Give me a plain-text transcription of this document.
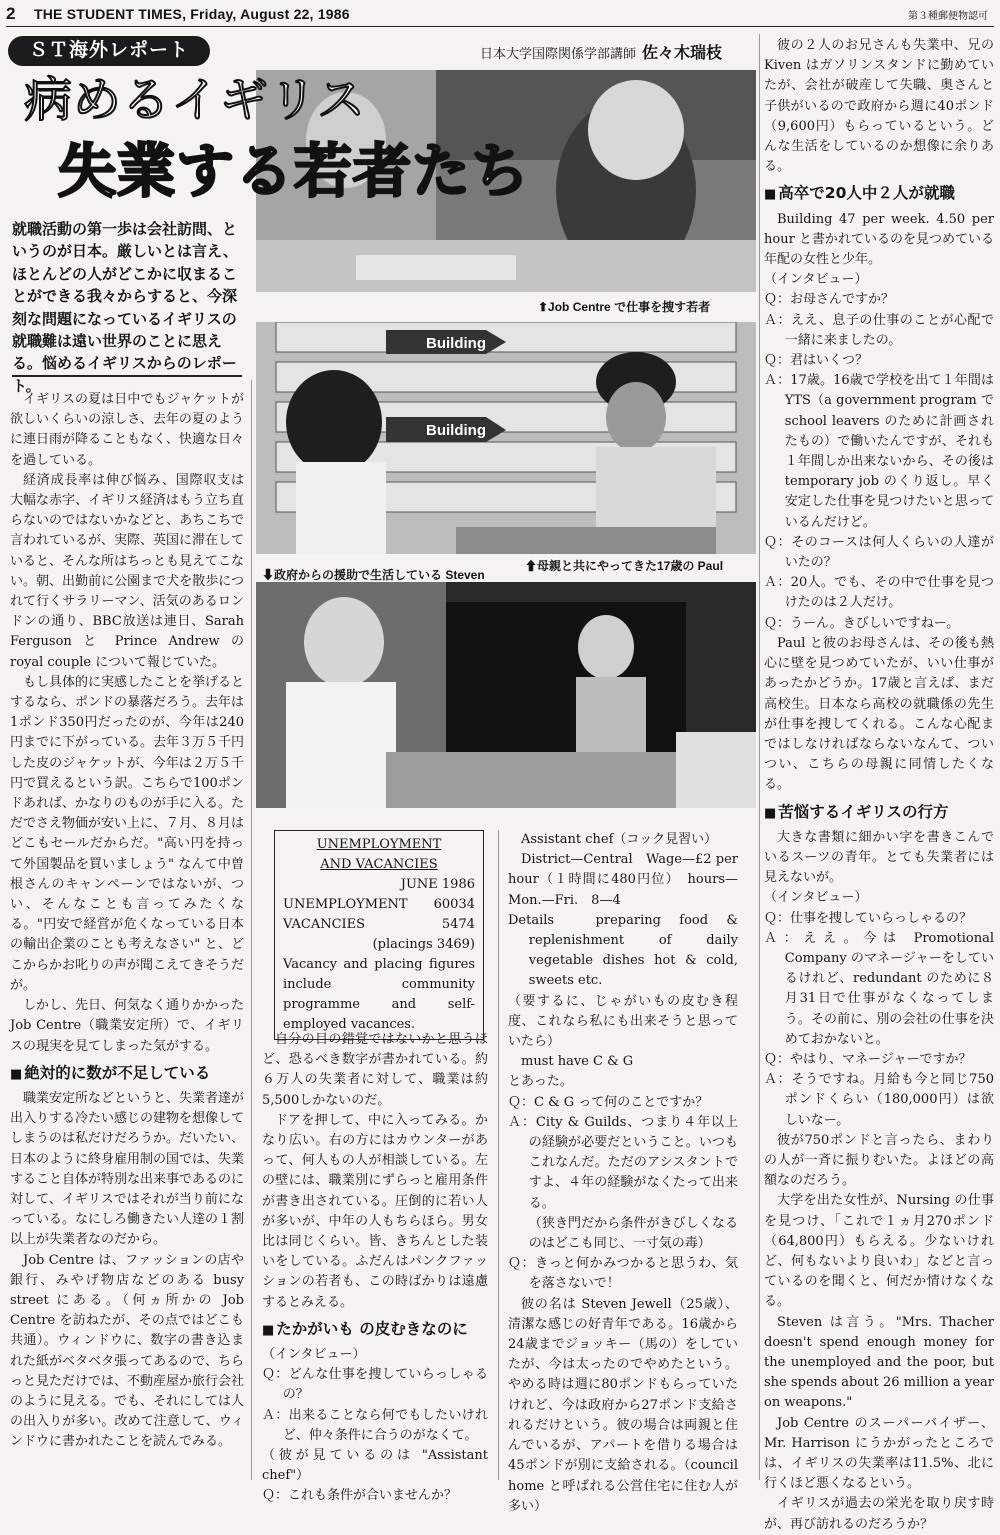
2 THE STUDENT TIMES, Friday, August 22, 1986	第３種郵便物認可
ＳＴ海外レポート	日本大学国際関係学部講師 佐々木瑞枝
病めるイギリス
失業する若者たち
就職活動の第一歩は会社訪問、というのが日本。厳しいとは言え、ほとんどの人がどこかに収まることができる我々からすると、今深刻な問題になっているイギリスの就職難は遠い世界のことに思える。悩めるイギリスからのレポート。
⬆Job Centre で仕事を捜す若者
Building
Building
⬆母親と共にやってきた17歳の Paul
⬇政府からの援助で生活している Steven

イギリスの夏は日中でもジャケットが欲しいくらいの涼しさ、去年の夏のように連日雨が降ることもなく、快適な日々を過している。

経済成長率は伸び悩み、国際収支は大幅な赤字、イギリス経済はもう立ち直らないのではないかなどと、あちこちで言われているが、実際、英国に滞在していると、そんな所はちっとも見えてこない。朝、出勤前に公園まで犬を散歩につれて行くサラリーマン、活気のあるロンドンの通り、BBC放送は連日、Sarah Ferguson と Prince Andrew の royal couple について報じていた。

もし具体的に実感したことを挙げるとするなら、ポンドの暴落だろう。去年は1ポンド350円だったのが、今年は240円までに下がっている。去年３万５千円した皮のジャケットが、今年は２万５千円で買えるという訳。こちらで100ポンドあれば、かなりのものが手に入る。ただでさえ物価が安い上に、７月、８月はどこもセールだからだ。"高い円を持って外国製品を買いましょう" なんて中曽根さんのキャンペーンではないが、つい、そんなことも言ってみたくなる。"円安で経営が危くなっている日本の輸出企業のことも考えなさい" と、どこからかお叱りの声が聞こえてきそうだが。

しかし、先日、何気なく通りかかった Job Centre（職業安定所）で、イギリスの現実を見てしまった気がする。

■ 絶対的に数が不足している

職業安定所などというと、失業者達が出入りする冷たい感じの建物を想像してしまうのは私だけだろうか。だいたい、日本のように終身雇用制の国では、失業すること自体が特別な出来事であるのに対して、イギリスではそれが当り前になっている。なにしろ働きたい人達の１割以上が失業者なのだから。

Job Centre は、ファッションの店や銀行、みやげ物店などのある busy street にある。（何ヵ所かの Job Centre を訪ねたが、その点ではどこも共通）。ウィンドウに、数字の書き込まれた紙がベタベタ張ってあるので、ちらっと見ただけでは、不動産屋か旅行会社のように見える。でも、それにしては人の出入りが多い。改めて注意して、ウィンドウに書かれたことを読んでみる。

UNEMPLOYMENT
AND VACANCIES
JUNE 1986
UNEMPLOYMENT 60034
VACANCIES	5474
(placings 3469)
Vacancy and placing figures include community programme and self-employed vacances.

自分の目の錯覚ではないかと思うほど、恐るべき数字が書かれている。約６万人の失業者に対して、職業は約5,500しかないのだ。

ドアを押して、中に入ってみる。かなり広い。右の方にはカウンターがあって、何人もの人が相談している。左の壁には、職業別にずらっと雇用条件が書き出されている。圧倒的に若い人が多いが、中年の人もちらほら。男女比は同じくらい。皆、きちんとした装いをしている。ふだんはパンクファッションの若者も、この時ばかりは遠慮するとみえる。

■ たかがいも の皮むきなのに

（インタビュー）

Ｑ：どんな仕事を捜していらっしゃるの？

Ａ：出来ることなら何でもしたいけれど、仲々条件に合うのがなくて。

（彼が見ているのは "Assistant chef"）

Ｑ：これも条件が合いませんか？

Assistant chef（コック見習い）

District—Central　Wage—£2 per hour（１時間に480円位）　hours—Mon.—Fri.　8—4

Details　	preparing food & replenishment of daily vegetable dishes hot & cold, sweets etc.

（要するに、じゃがいもの皮むき程度、これなら私にも出来そうと思っていたら）

must have C & G

とあった。

Ｑ：C & G って何のことですか？

Ａ：City & Guilds、つまり４年以上の経験が必要だということ。いつもこれなんだ。ただのアシスタントですよ、４年の経験がなくたって出来る。

（狭き門だから条件がきびしくなるのはどこも同じ、一寸気の毒）

Ｑ：きっと何かみつかると思うわ、気を落さないで！

彼の名は Steven Jewell（25歳）、清潔な感じの好青年である。16歳から24歳までジョッキー（馬の）をしていたが、今は太ったのでやめたという。やめる時は週に80ポンドもらっていたけれど、今は政府から27ポンド支給されるだけという。彼の場合は両親と住んでいるが、アパートを借りる場合は45ポンドが別に支給される。（council home と呼ばれる公営住宅に住む人が多い）

彼の２人のお兄さんも失業中、兄の Kiven はガソリンスタンドに勤めていたが、会社が破産して失職、奥さんと子供がいるので政府から週に40ポンド（9,600円）もらっているという。どんな生活をしているのか想像に余りある。

■ 高卒で20人中２人が就職

Building 47 per week. 4.50 per hour と書かれているのを見つめている年配の女性と少年。

（インタビュー）

Ｑ：お母さんですか？

Ａ：ええ、息子の仕事のことが心配で一緒に来ましたの。

Ｑ：君はいくつ？

Ａ：17歳。16歳で学校を出て１年間は YTS（a government program で school leavers のために計画されたもの）で働いたんですが、それも１年間しか出来ないから、その後は temporary job のくり返し。早く安定した仕事を見つけたいと思っているんだけど。

Ｑ：そのコースは何人くらいの人達がいたの？

Ａ：20人。でも、その中で仕事を見つけたのは２人だけ。

Ｑ：うーん。きびしいですねー。

Paul と彼のお母さんは、その後も熱心に壁を見つめていたが、いい仕事があったかどうか。17歳と言えば、まだ高校生。日本なら高校の就職係の先生が仕事を捜してくれる。こんな心配まではしなければならないなんて、ついつい、こちらの母親に同情したくなる。

■ 苦悩するイギリスの行方

大きな書類に細かい字を書きこんでいるスーツの青年。とても失業者には見えないが。

（インタビュー）

Ｑ：仕事を捜していらっしゃるの？

Ａ：ええ。今は Promotional Company のマネージャーをしているけれど、redundant のために８月31日で仕事がなくなってしまう。その前に、別の会社の仕事を決めておかないと。

Ｑ：やはり、マネージャーですか？

Ａ：そうですね。月給も今と同じ750ポンドくらい（180,000円）は欲しいなー。

彼が750ポンドと言ったら、まわりの人が一斉に振りむいた。よほどの高額なのだろう。

大学を出た女性が、Nursing の仕事を見つけ、「これで１ヵ月270ポンド（64,800円）もらえる。少ないけれど、何もないより良いわ」などと言っているのを聞くと、何だか情けなくなる。

Steven は言う。"Mrs. Thacher doesn't spend enough money for the unemployed and the poor, but she spends about 26 million a year on weapons."

Job Centre のスーパーバイザー、Mr. Harrison にうかがったところでは、イギリスの失業率は11.5%、北に行くほど悪くなるという。

イギリスが過去の栄光を取り戻す時が、再び訪れるのだろうか？
